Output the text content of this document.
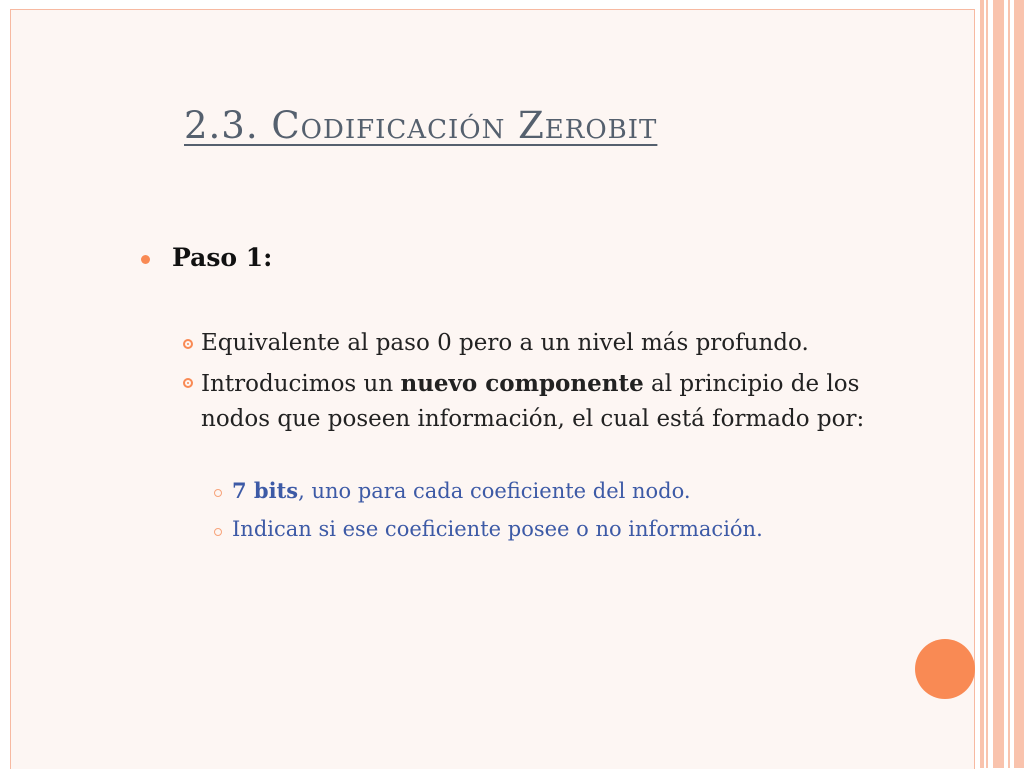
2.3. Codificación Zerobit
Paso 1:
Equivalente al paso 0 pero a un nivel más profundo.
Introducimos un nuevo componente al principio de los nodos que poseen información, el cual está formado por:
7 bits, uno para cada coeficiente del nodo.
Indican si ese coeficiente posee o no información.
